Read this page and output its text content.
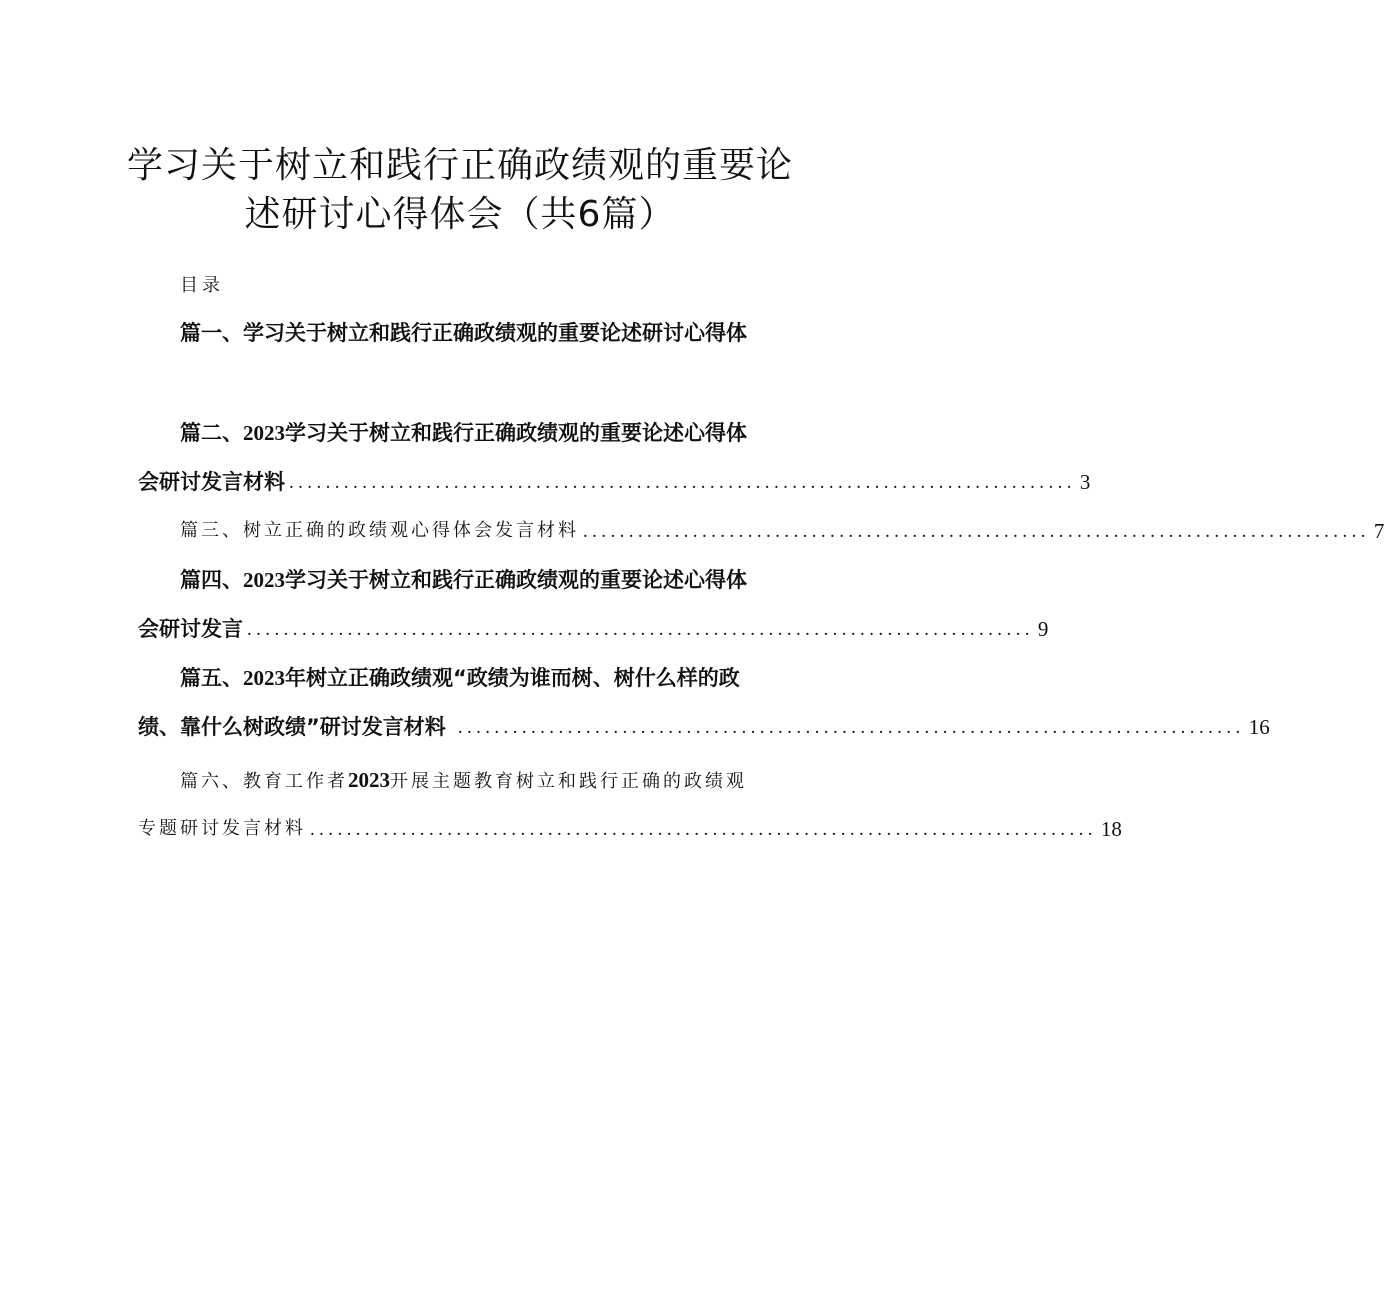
学习关于树立和践行正确政绩观的重要论
述研讨心得体会（共6篇）
目录
篇一、学习关于树立和践行正确政绩观的重要论述研讨心得体
篇二、2023学习关于树立和践行正确政绩观的重要论述心得体
会研讨发言材料 ...................................................................................... 3
篇三、树立正确的政绩观心得体会发言材料 ...................................................................................... 7
篇四、2023学习关于树立和践行正确政绩观的重要论述心得体
会研讨发言 ...................................................................................... 9
篇五、2023年树立正确政绩观“政绩为谁而树、树什么样的政
绩、靠什么树政绩”研讨发言材料 ...................................................................................... 16
篇六、教育工作者2023开展主题教育树立和践行正确的政绩观
专题研讨发言材料 ...................................................................................... 18
